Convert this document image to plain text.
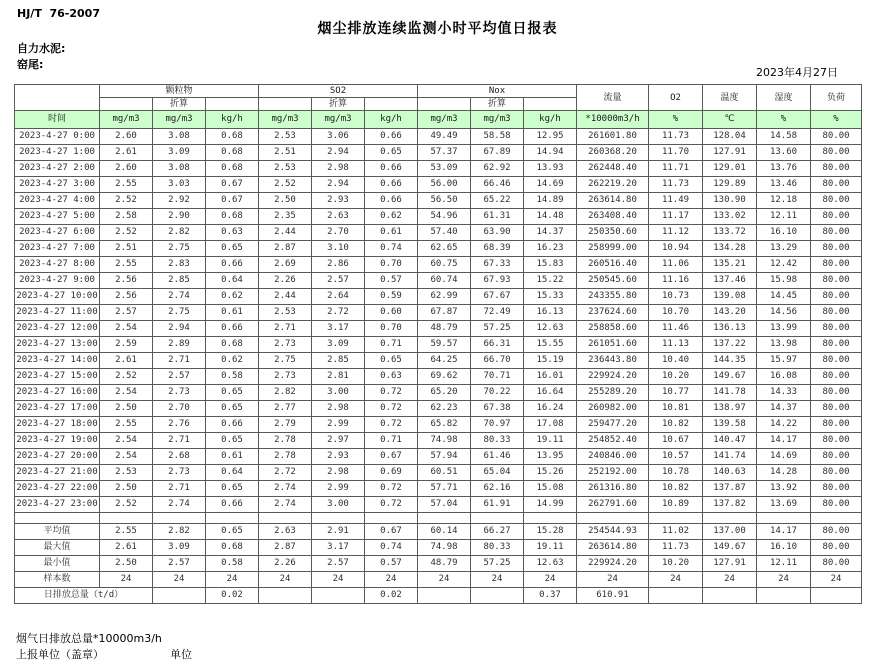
HJ/T  76-2007
烟尘排放连续监测小时平均值日报表
自力水泥:
窑尾:
2023年4月27日
	颗粒物			SO2			Nox			流量	O2	温度	湿度	负荷
		折算			折算			折算						
时间	mg/m3	mg/m3	kg/h	mg/m3	mg/m3	kg/h	mg/m3	mg/m3	kg/h	*10000m3/h	%	℃	%	%
2023-4-27 0:00	2.60	3.08	0.68	2.53	3.06	0.66	49.49	58.58	12.95	261601.80	11.73	128.04	14.58	80.00
2023-4-27 1:00	2.61	3.09	0.68	2.51	2.94	0.65	57.37	67.89	14.94	260368.20	11.70	127.91	13.60	80.00
2023-4-27 2:00	2.60	3.08	0.68	2.53	2.98	0.66	53.09	62.92	13.93	262448.40	11.71	129.01	13.76	80.00
2023-4-27 3:00	2.55	3.03	0.67	2.52	2.94	0.66	56.00	66.46	14.69	262219.20	11.73	129.89	13.46	80.00
2023-4-27 4:00	2.52	2.92	0.67	2.50	2.93	0.66	56.50	65.22	14.89	263614.80	11.49	130.90	12.18	80.00
2023-4-27 5:00	2.58	2.90	0.68	2.35	2.63	0.62	54.96	61.31	14.48	263408.40	11.17	133.02	12.11	80.00
2023-4-27 6:00	2.52	2.82	0.63	2.44	2.70	0.61	57.40	63.90	14.37	250350.60	11.12	133.72	16.10	80.00
2023-4-27 7:00	2.51	2.75	0.65	2.87	3.10	0.74	62.65	68.39	16.23	258999.00	10.94	134.28	13.29	80.00
2023-4-27 8:00	2.55	2.83	0.66	2.69	2.86	0.70	60.75	67.33	15.83	260516.40	11.06	135.21	12.42	80.00
2023-4-27 9:00	2.56	2.85	0.64	2.26	2.57	0.57	60.74	67.93	15.22	250545.60	11.16	137.46	15.98	80.00
2023-4-27 10:00	2.56	2.74	0.62	2.44	2.64	0.59	62.99	67.67	15.33	243355.80	10.73	139.08	14.45	80.00
2023-4-27 11:00	2.57	2.75	0.61	2.53	2.72	0.60	67.87	72.49	16.13	237624.60	10.70	143.20	14.56	80.00
2023-4-27 12:00	2.54	2.94	0.66	2.71	3.17	0.70	48.79	57.25	12.63	258858.60	11.46	136.13	13.99	80.00
2023-4-27 13:00	2.59	2.89	0.68	2.73	3.09	0.71	59.57	66.31	15.55	261051.60	11.13	137.22	13.98	80.00
2023-4-27 14:00	2.61	2.71	0.62	2.75	2.85	0.65	64.25	66.70	15.19	236443.80	10.40	144.35	15.97	80.00
2023-4-27 15:00	2.52	2.57	0.58	2.73	2.81	0.63	69.62	70.71	16.01	229924.20	10.20	149.67	16.08	80.00
2023-4-27 16:00	2.54	2.73	0.65	2.82	3.00	0.72	65.20	70.22	16.64	255289.20	10.77	141.78	14.33	80.00
2023-4-27 17:00	2.50	2.70	0.65	2.77	2.98	0.72	62.23	67.38	16.24	260982.00	10.81	138.97	14.37	80.00
2023-4-27 18:00	2.55	2.76	0.66	2.79	2.99	0.72	65.82	70.97	17.08	259477.20	10.82	139.58	14.22	80.00
2023-4-27 19:00	2.54	2.71	0.65	2.78	2.97	0.71	74.98	80.33	19.11	254852.40	10.67	140.47	14.17	80.00
2023-4-27 20:00	2.54	2.68	0.61	2.78	2.93	0.67	57.94	61.46	13.95	240846.00	10.57	141.74	14.69	80.00
2023-4-27 21:00	2.53	2.73	0.64	2.72	2.98	0.69	60.51	65.04	15.26	252192.00	10.78	140.63	14.28	80.00
2023-4-27 22:00	2.50	2.71	0.65	2.74	2.99	0.72	57.71	62.16	15.08	261316.80	10.82	137.87	13.92	80.00
2023-4-27 23:00	2.52	2.74	0.66	2.74	3.00	0.72	57.04	61.91	14.99	262791.60	10.89	137.82	13.69	80.00

平均值	2.55	2.82	0.65	2.63	2.91	0.67	60.14	66.27	15.28	254544.93	11.02	137.00	14.17	80.00
最大值	2.61	3.09	0.68	2.87	3.17	0.74	74.98	80.33	19.11	263614.80	11.73	149.67	16.10	80.00
最小值	2.50	2.57	0.58	2.26	2.57	0.57	48.79	57.25	12.63	229924.20	10.20	127.91	12.11	80.00
样本数	24	24	24	24	24	24	24	24	24	24	24	24	24	24
日排放总量（t/d）			0.02			0.02			0.37	610.91				
烟气日排放总量*10000m3/h
上报单位（盖章）	单位
